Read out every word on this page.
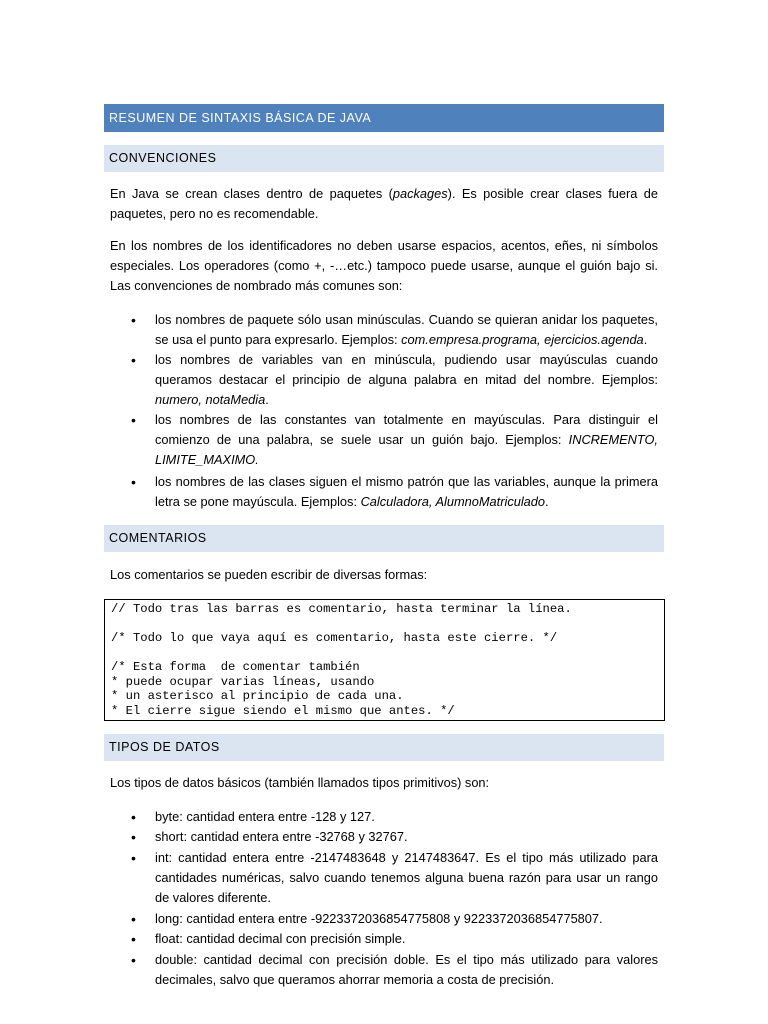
RESUMEN DE SINTAXIS BÁSICA DE JAVA
CONVENCIONES
En Java se crean clases dentro de paquetes (packages). Es posible crear clases fuera de paquetes, pero no es recomendable.
En los nombres de los identificadores no deben usarse espacios, acentos, eñes, ni símbolos especiales. Los operadores (como +, -…etc.) tampoco puede usarse, aunque el guión bajo si. Las convenciones de nombrado más comunes son:
• los nombres de paquete sólo usan minúsculas. Cuando se quieran anidar los paquetes, se usa el punto para expresarlo. Ejemplos: com.empresa.programa, ejercicios.agenda.
• los nombres de variables van en minúscula, pudiendo usar mayúsculas cuando queramos destacar el principio de alguna palabra en mitad del nombre. Ejemplos: numero, notaMedia.
• los nombres de las constantes van totalmente en mayúsculas. Para distinguir el comienzo de una palabra, se suele usar un guión bajo. Ejemplos: INCREMENTO, LIMITE_MAXIMO.
• los nombres de las clases siguen el mismo patrón que las variables, aunque la primera letra se pone mayúscula. Ejemplos: Calculadora, AlumnoMatriculado.
COMENTARIOS
Los comentarios se pueden escribir de diversas formas:
// Todo tras las barras es comentario, hasta terminar la línea.
/* Todo lo que vaya aquí es comentario, hasta este cierre. */
/* Esta forma  de comentar también
* puede ocupar varias líneas, usando
* un asterisco al principio de cada una.
* El cierre sigue siendo el mismo que antes. */
TIPOS DE DATOS
Los tipos de datos básicos (también llamados tipos primitivos) son:
• byte: cantidad entera entre -128 y 127.
• short: cantidad entera entre -32768 y 32767.
• int: cantidad entera entre -2147483648 y 2147483647. Es el tipo más utilizado para cantidades numéricas, salvo cuando tenemos alguna buena razón para usar un rango de valores diferente.
• long: cantidad entera entre -9223372036854775808 y 9223372036854775807.
• float: cantidad decimal con precisión simple.
• double: cantidad decimal con precisión doble. Es el tipo más utilizado para valores decimales, salvo que queramos ahorrar memoria a costa de precisión.
